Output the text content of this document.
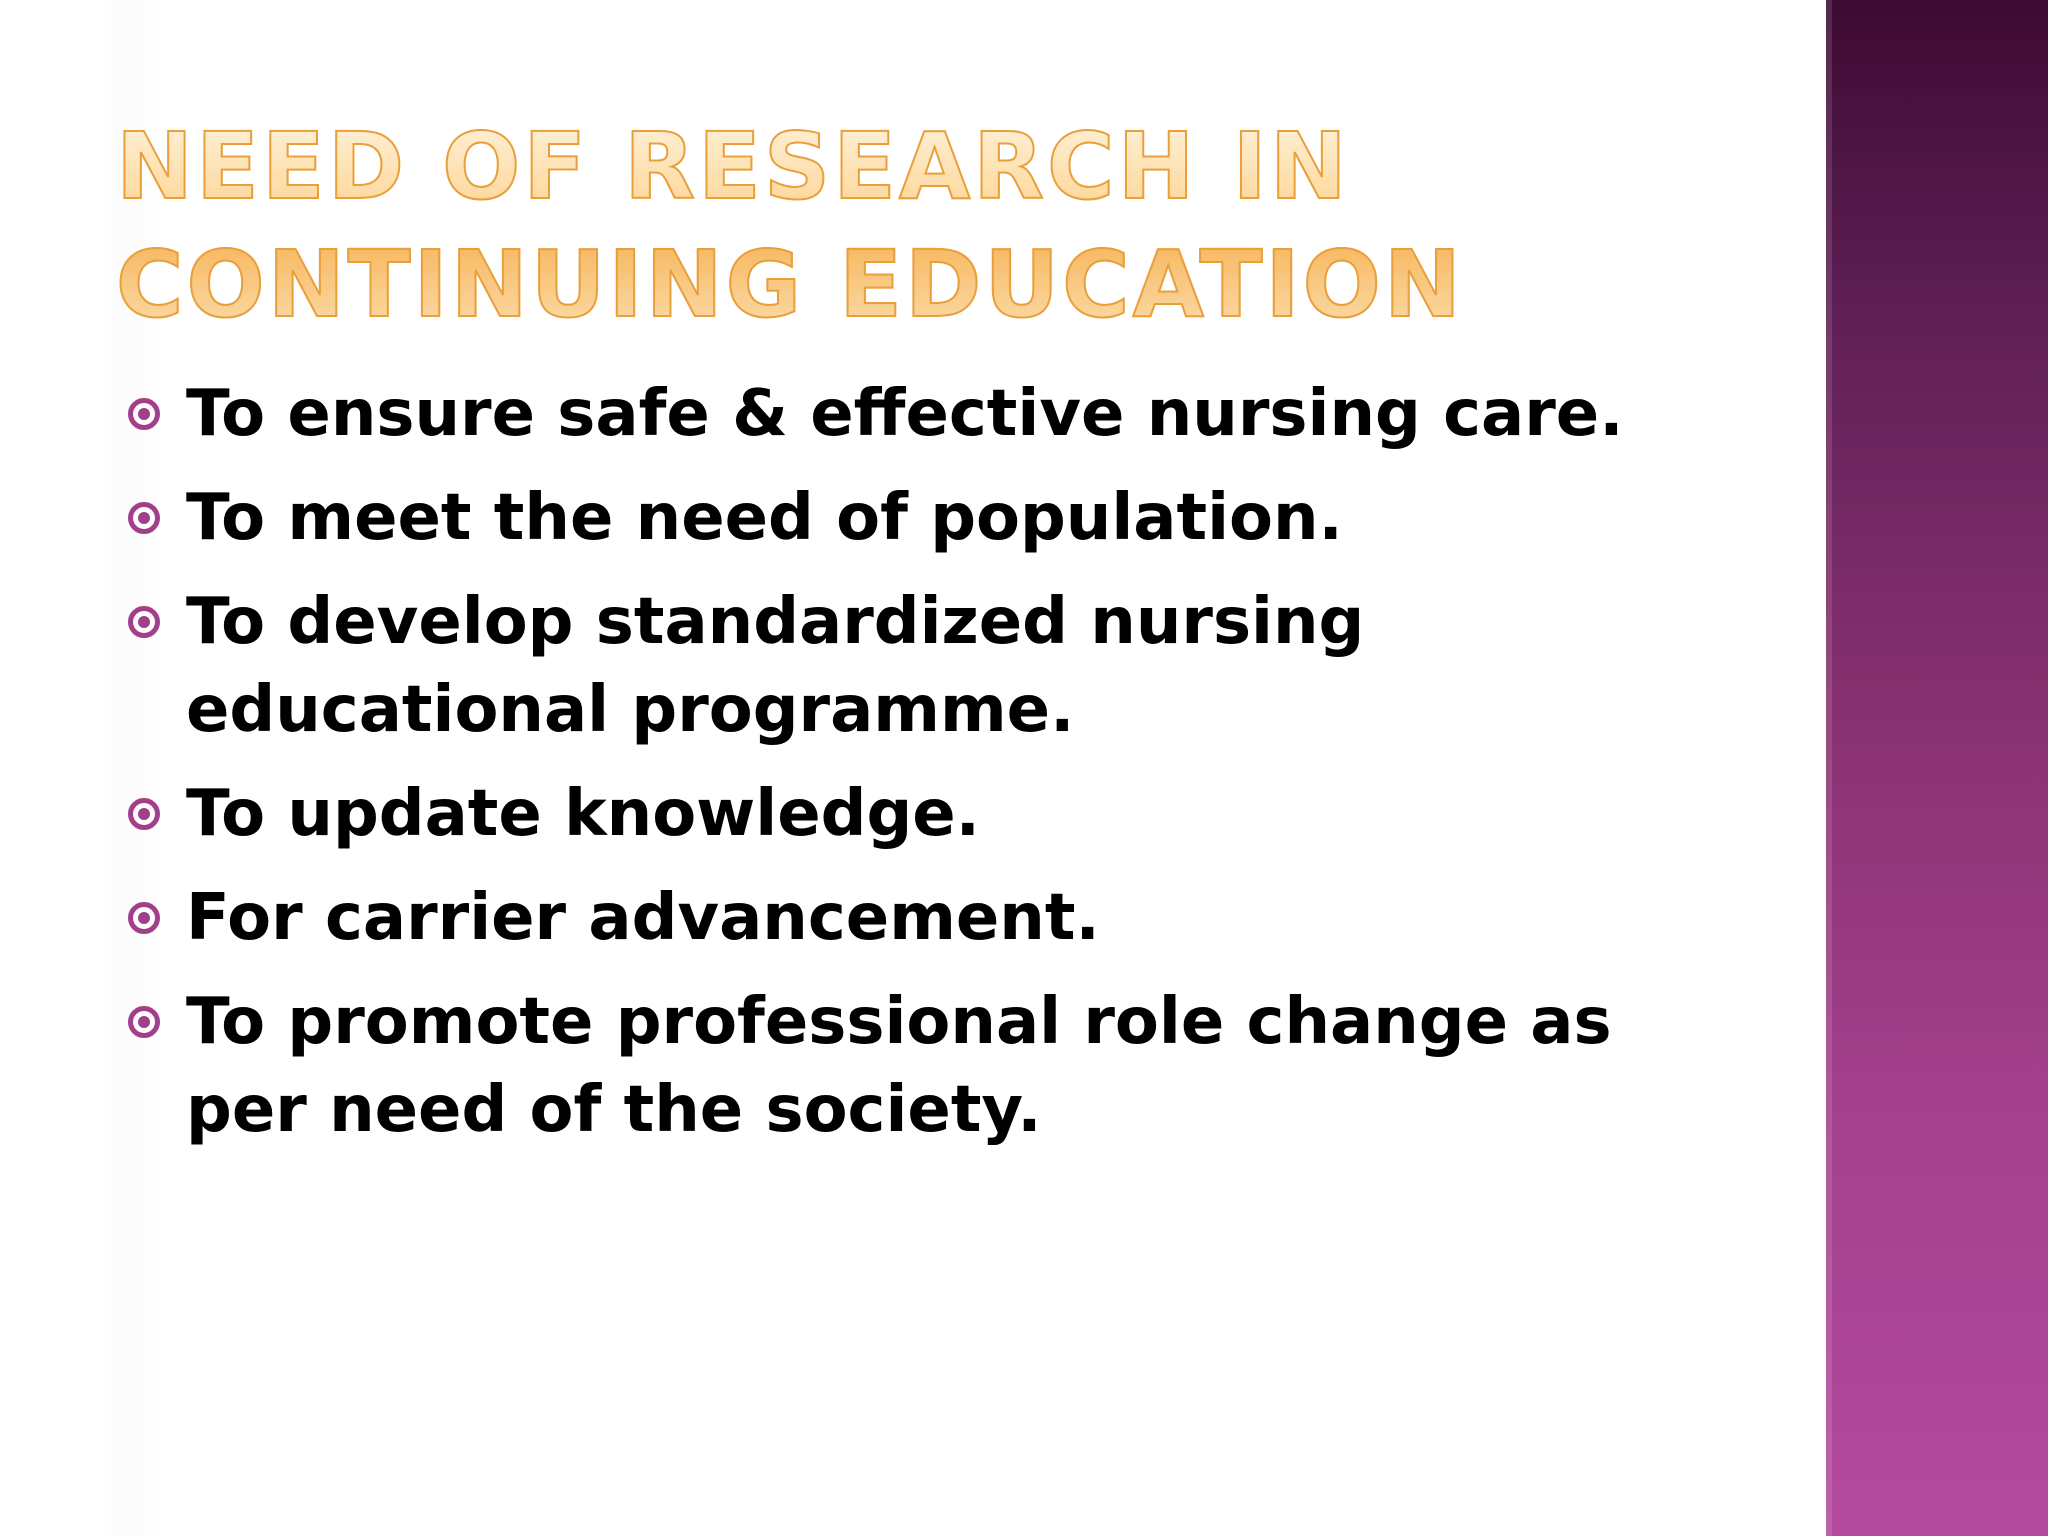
NEED OF RESEARCH IN CONTINUING EDUCATION
To ensure safe & effective nursing care.
To meet the need of population.
To develop standardized nursing educational programme.
To update knowledge.
For carrier advancement.
To promote professional role change as per need of the society.
